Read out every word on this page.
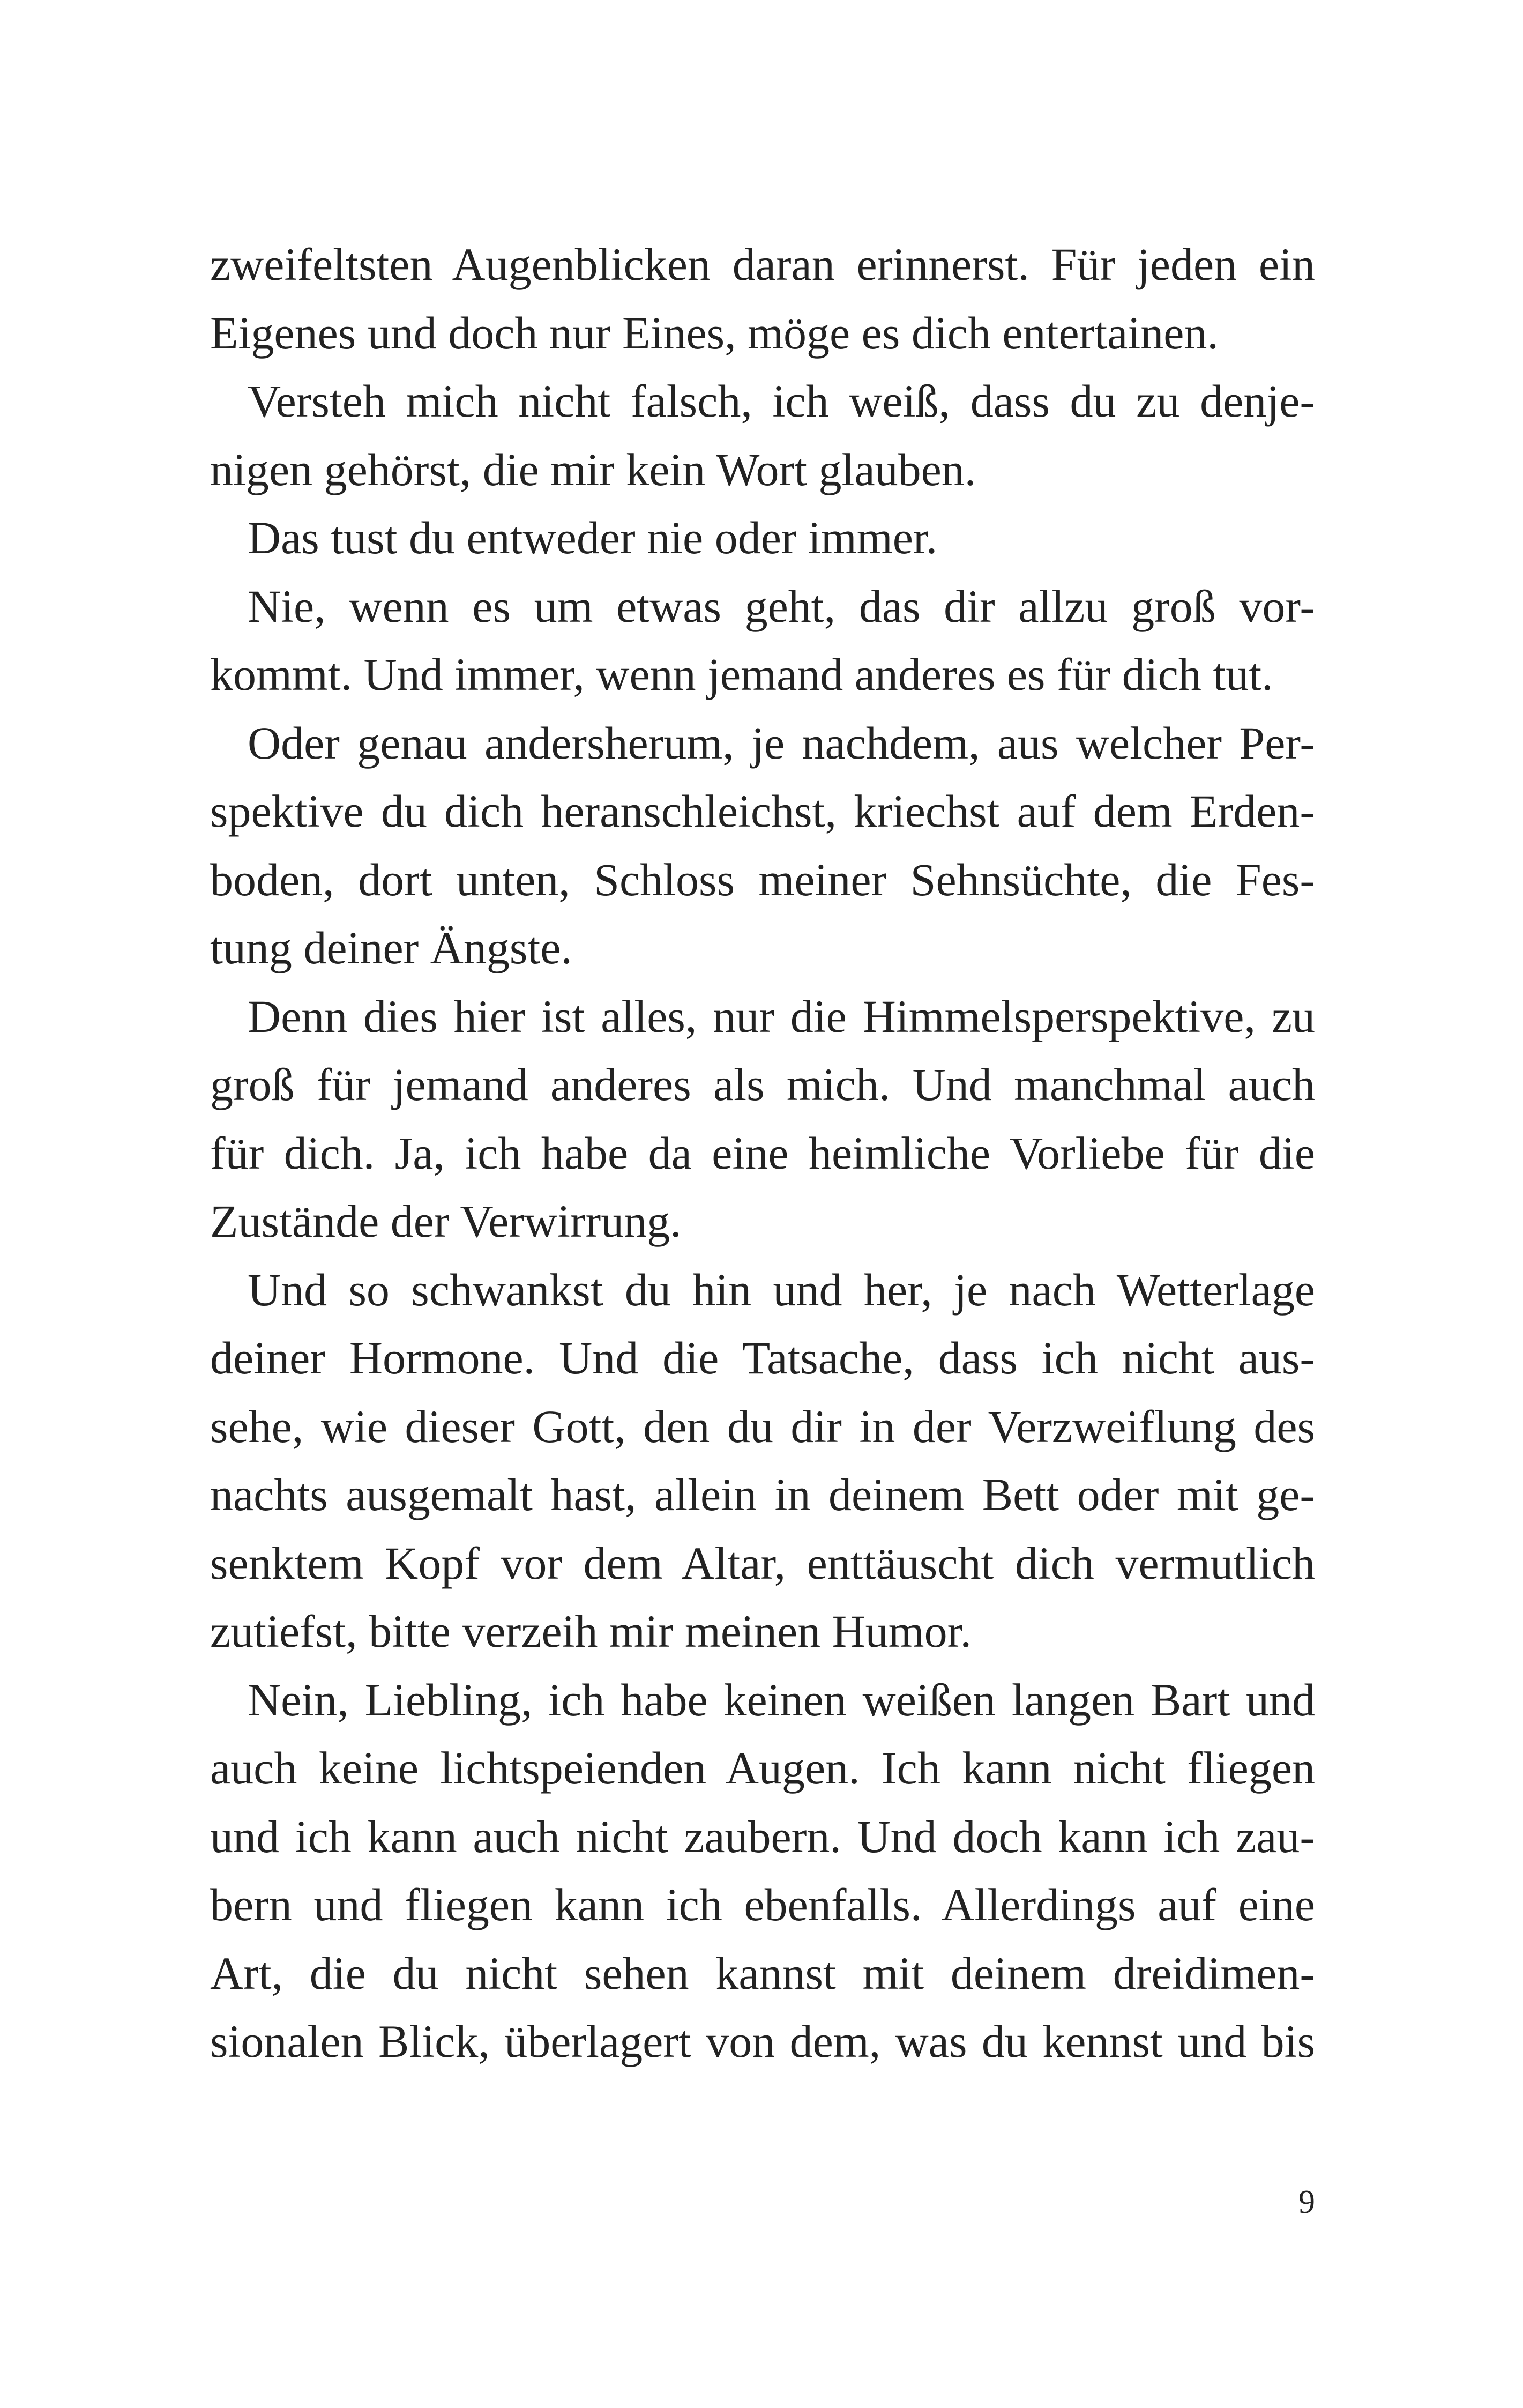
zweifeltsten Augenblicken daran erinnerst. Für jeden ein
Eigenes und doch nur Eines, möge es dich entertainen.
Versteh mich nicht falsch, ich weiß, dass du zu denje-
nigen gehörst, die mir kein Wort glauben.
Das tust du entweder nie oder immer.
Nie, wenn es um etwas geht, das dir allzu groß vor-
kommt. Und immer, wenn jemand anderes es für dich tut.
Oder genau andersherum, je nachdem, aus welcher Per-
spektive du dich heranschleichst, kriechst auf dem Erden-
boden, dort unten, Schloss meiner Sehnsüchte, die Fes-
tung deiner Ängste.
Denn dies hier ist alles, nur die Himmelsperspektive, zu
groß für jemand anderes als mich. Und manchmal auch
für dich. Ja, ich habe da eine heimliche Vorliebe für die
Zustände der Verwirrung.
Und so schwankst du hin und her, je nach Wetterlage
deiner Hormone. Und die Tatsache, dass ich nicht aus-
sehe, wie dieser Gott, den du dir in der Verzweiflung des
nachts ausgemalt hast, allein in deinem Bett oder mit ge-
senktem Kopf vor dem Altar, enttäuscht dich vermutlich
zutiefst, bitte verzeih mir meinen Humor.
Nein, Liebling, ich habe keinen weißen langen Bart und
auch keine lichtspeienden Augen. Ich kann nicht fliegen
und ich kann auch nicht zaubern. Und doch kann ich zau-
bern und fliegen kann ich ebenfalls. Allerdings auf eine
Art, die du nicht sehen kannst mit deinem dreidimen-
sionalen Blick, überlagert von dem, was du kennst und bis
9
